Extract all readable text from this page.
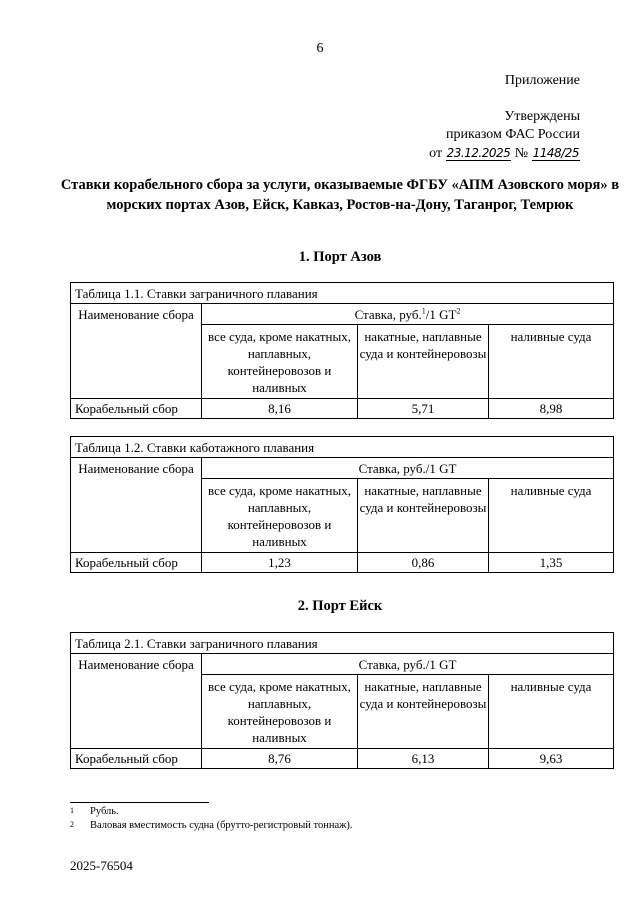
6
Приложение
Утверждены
приказом ФАС России
от 23.12.2025 № 1148/25
Ставки корабельного сбора за услуги, оказываемые ФГБУ «АПМ Азовского моря» в морских портах Азов, Ейск, Кавказ, Ростов-на-Дону, Таганрог, Темрюк
1. Порт Азов
Таблица 1.1. Ставки заграничного плавания			
Наименование сбора	Ставка, руб.$^1$/1 $GT^2$
	все суда, кроме накатных, наплавных, контейнеровозов и наливных	накатные, наплавные суда и контейнеровозы	наливные суда
Корабельный сбор	8,16	5,71	8,98
Таблица 1.2. Ставки каботажного плавания			
Наименование сбора	Ставка, руб./1 GT		
	все суда, кроме накатных, наплавных, контейнеровозов и наливных	накатные, наплавные суда и контейнеровозы	наливные суда
Корабельный сбор	1,23	0,86	1,35
2. Порт Ейск
Таблица 2.1. Ставки заграничного плавания			
Наименование сбора	Ставка, руб./1 GT		
	все суда, кроме накатных, наплавных, контейнеровозов и наливных	накатные, наплавные суда и контейнеровозы	наливные суда
Корабельный сбор	8,76	6,13	9,63
1 Рубль.
2 Валовая вместимость судна (брутто-регистровый тоннаж).
2025-76504
